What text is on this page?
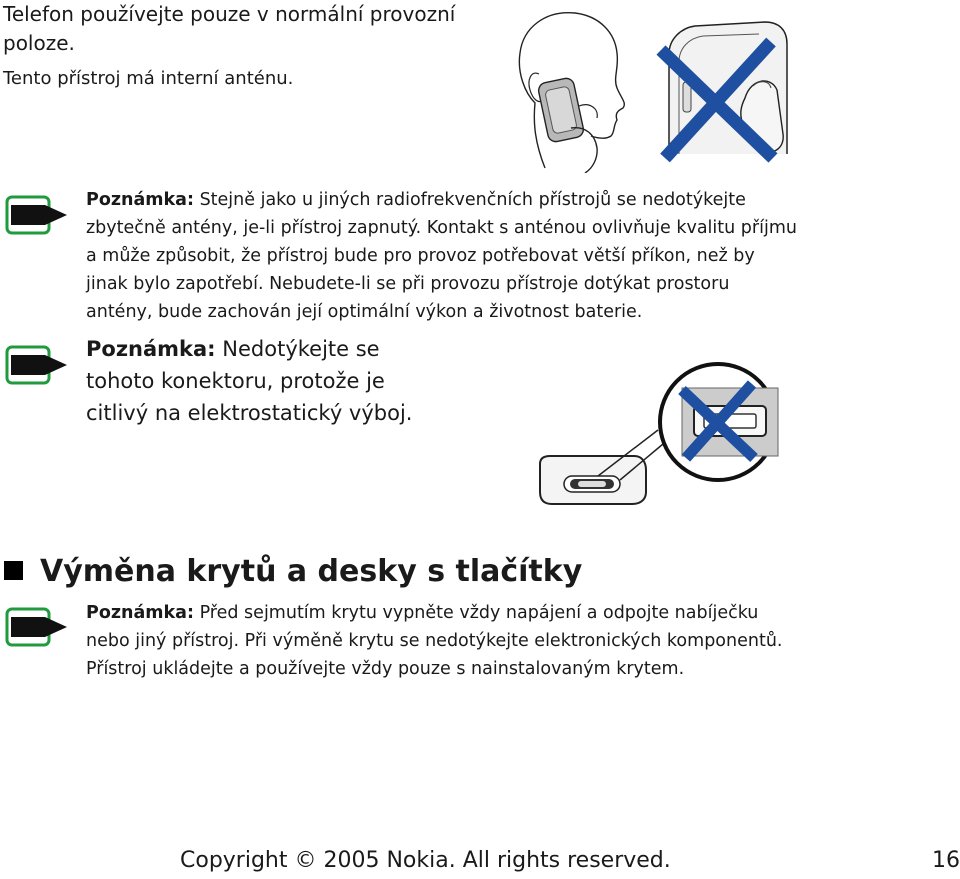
Telefon používejte pouze v normální provozní poloze.

Tento přístroj má interní anténu.

Poznámka: Stejně jako u jiných radiofrekvenčních přístrojů se nedotýkejte zbytečně antény, je-li přístroj zapnutý. Kontakt s anténou ovlivňuje kvalitu příjmu a může způsobit, že přístroj bude pro provoz potřebovat větší příkon, než by jinak bylo zapotřebí. Nebudete-li se při provozu přístroje dotýkat prostoru antény, bude zachován její optimální výkon a životnost baterie.

Poznámka: Nedotýkejte se tohoto konektoru, protože je citlivý na elektrostatický výboj.

Výměna krytů a desky s tlačítky

Poznámka: Před sejmutím krytu vypněte vždy napájení a odpojte nabíječku nebo jiný přístroj. Při výměně krytu se nedotýkejte elektronických komponentů. Přístroj ukládejte a používejte vždy pouze s nainstalovaným krytem.

Copyright © 2005 Nokia. All rights reserved.	16
